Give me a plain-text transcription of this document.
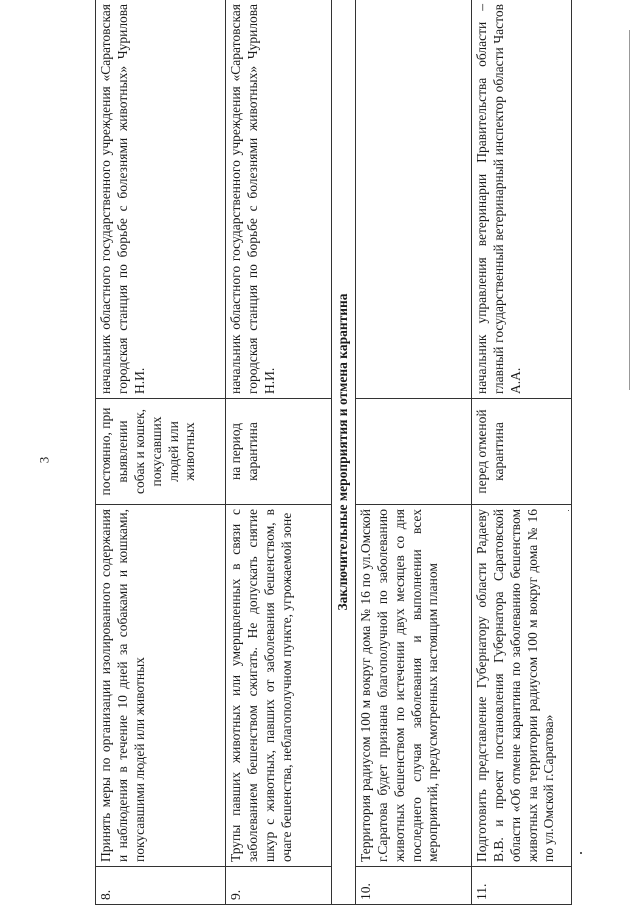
3
8.	Принять меры по организации изолированного содержания и наблюдения в течение 10 дней за собаками и кошками, покусавшими людей или животных	постоянно, при выявлении собак и кошек, покусавших людей или животных	начальник областного государственного учреждения «Саратовская городская станция по борьбе с болезнями животных» Чурилова Н.И.
9.	Трупы павших животных или умерщвленных в связи с заболеванием бешенством сжигать. Не допускать снятие шкур с животных, павших от заболевания бешенством, в очаге бешенства, неблагополучном пункте, угрожаемой зоне	на период карантина	начальник областного государственного учреждения «Саратовская городская станция по борьбе с болезнями животных» Чурилова Н.И.
Заключительные мероприятия и отмена карантина			
10.	Территория радиусом 100 м вокруг дома № 16 по ул.Омской г.Саратова будет признана благополучной по заболеванию животных бешенством по истечении двух месяцев со дня последнего случая заболевания и выполнении всех мероприятий, предусмотренных настоящим планом		
11.	Подготовить представление Губернатору области Радаеву В.В. и проект постановления Губернатора Саратовской области «Об отмене карантина по заболеванию бешенством животных на территории радиусом 100 м вокруг дома № 16 по ул.Омской г.Саратова»	перед отменой карантина	начальник управления ветеринарии Правительства области – главный государственный ветеринарный инспектор области Частов А.А.
